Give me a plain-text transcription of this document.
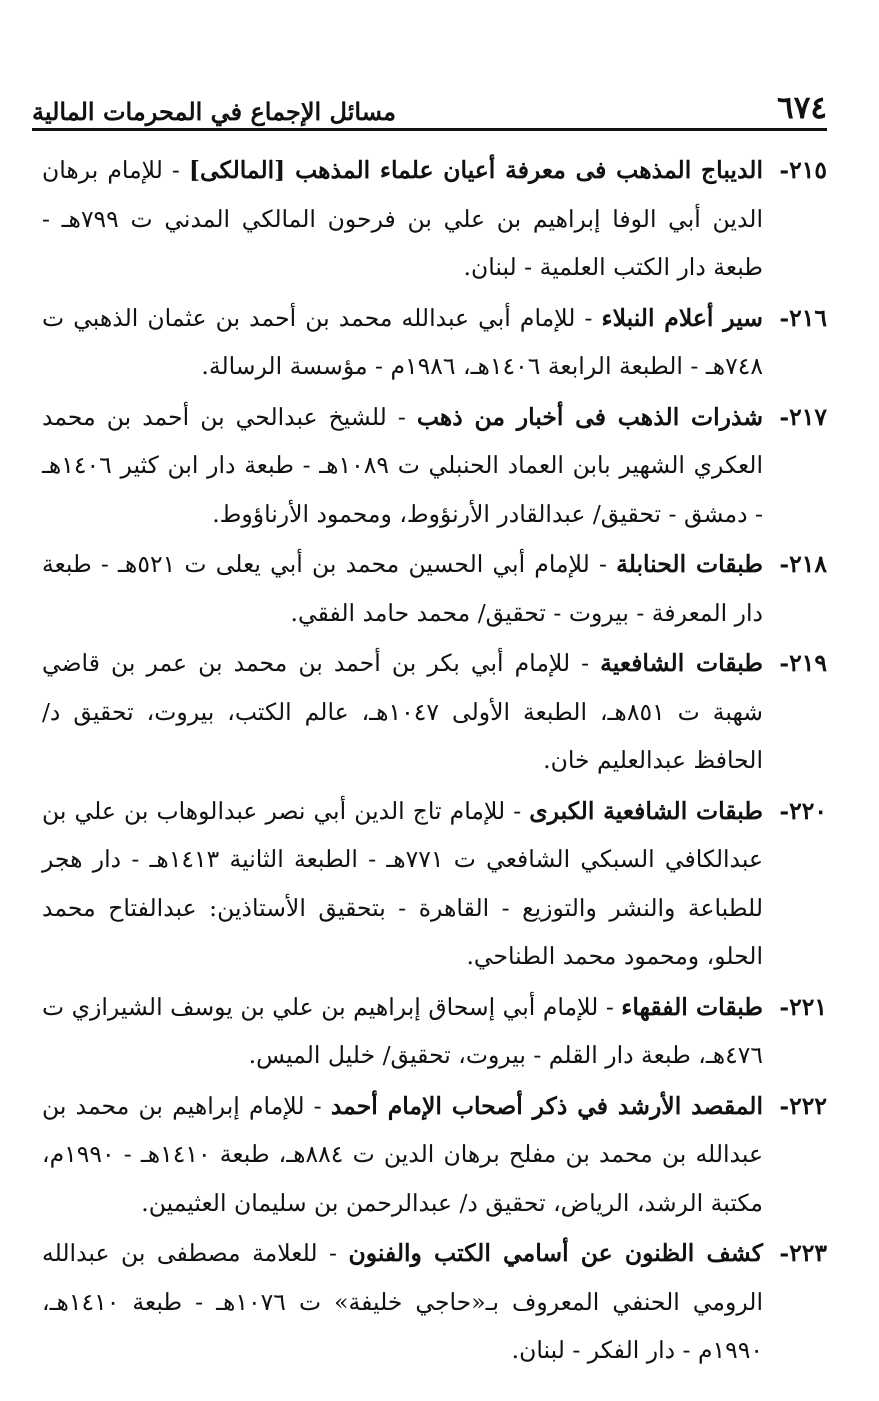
٦٧٤
مسائل الإجماع في المحرمات المالية
٢١٥-
الديباج المذهب فى معرفة أعيان علماء المذهب [المالكى] - للإمام برهان الدين أبي الوفا إبراهيم بن علي بن فرحون المالكي المدني ت ٧٩٩هـ - طبعة دار الكتب العلمية - لبنان.
٢١٦-
سير أعلام النبلاء - للإمام أبي عبدالله محمد بن أحمد بن عثمان الذهبي ت ٧٤٨هـ - الطبعة الرابعة ١٤٠٦هـ، ١٩٨٦م - مؤسسة الرسالة.
٢١٧-
شذرات الذهب فى أخبار من ذهب - للشيخ عبدالحي بن أحمد بن محمد العكري الشهير بابن العماد الحنبلي ت ١٠٨٩هـ - طبعة دار ابن كثير ١٤٠٦هـ - دمشق - تحقيق/ عبدالقادر الأرنؤوط، ومحمود الأرناؤوط.
٢١٨-
طبقات الحنابلة - للإمام أبي الحسين محمد بن أبي يعلى ت ٥٢١هـ - طبعة دار المعرفة - بيروت - تحقيق/ محمد حامد الفقي.
٢١٩-
طبقات الشافعية - للإمام أبي بكر بن أحمد بن محمد بن عمر بن قاضي شهبة ت ٨٥١هـ، الطبعة الأولى ١٠٤٧هـ، عالم الكتب، بيروت، تحقيق د/ الحافظ عبدالعليم خان.
٢٢٠-
طبقات الشافعية الكبرى - للإمام تاج الدين أبي نصر عبدالوهاب بن علي بن عبدالكافي السبكي الشافعي ت ٧٧١هـ - الطبعة الثانية ١٤١٣هـ - دار هجر للطباعة والنشر والتوزيع - القاهرة - بتحقيق الأستاذين: عبدالفتاح محمد الحلو، ومحمود محمد الطناحي.
٢٢١-
طبقات الفقهاء - للإمام أبي إسحاق إبراهيم بن علي بن يوسف الشيرازي ت ٤٧٦هـ، طبعة دار القلم - بيروت، تحقيق/ خليل الميس.
٢٢٢-
المقصد الأرشد في ذكر أصحاب الإمام أحمد - للإمام إبراهيم بن محمد بن عبدالله بن محمد بن مفلح برهان الدين ت ٨٨٤هـ، طبعة ١٤١٠هـ - ١٩٩٠م، مكتبة الرشد، الرياض، تحقيق د/ عبدالرحمن بن سليمان العثيمين.
٢٢٣-
كشف الظنون عن أسامي الكتب والفنون - للعلامة مصطفى بن عبدالله الرومي الحنفي المعروف بـ«حاجي خليفة» ت ١٠٧٦هـ - طبعة ١٤١٠هـ، ١٩٩٠م - دار الفكر - لبنان.
